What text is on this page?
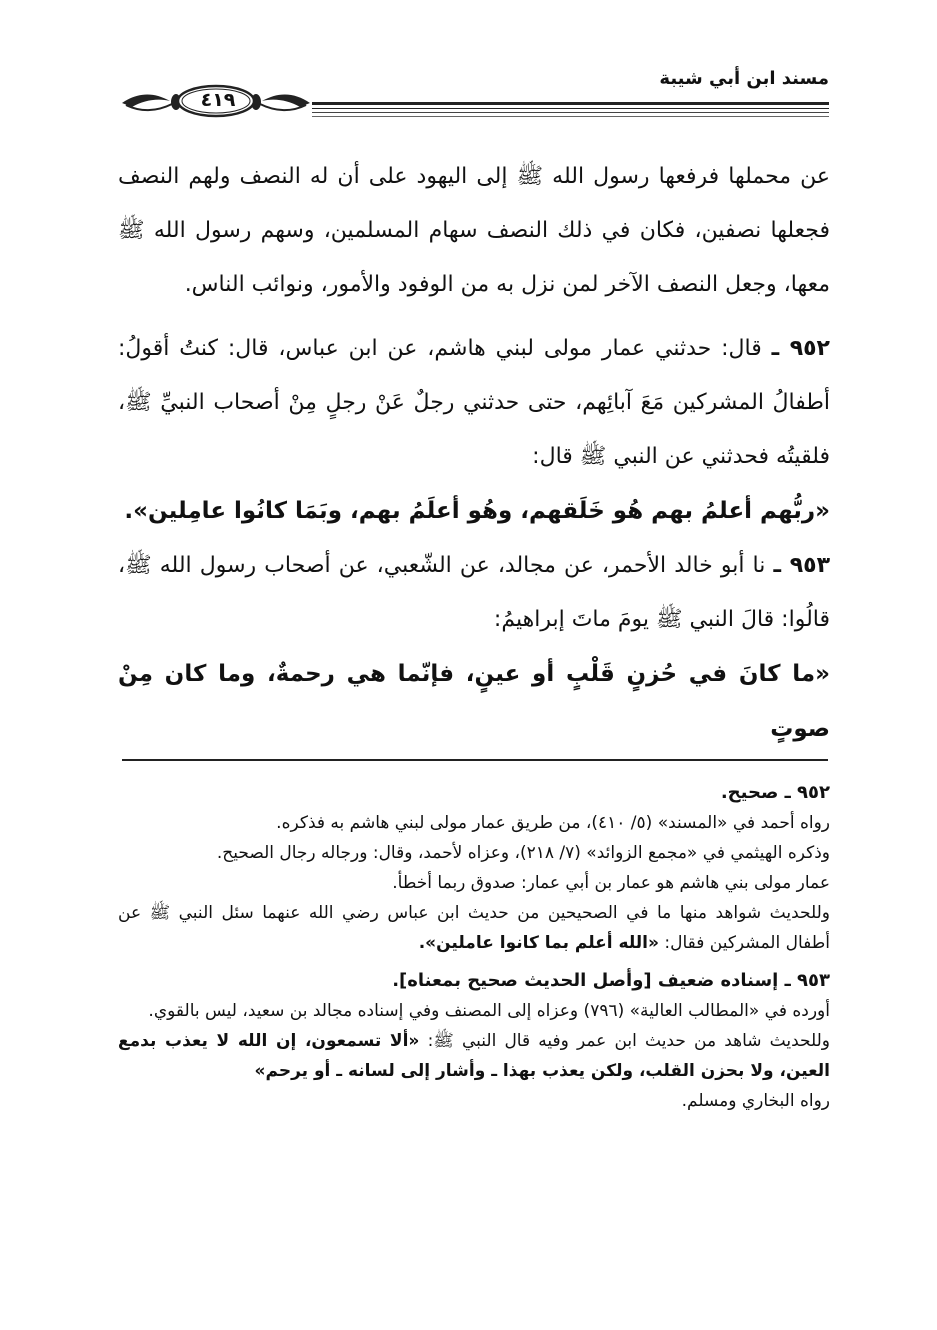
مسند ابن أبي شيبة
٤١٩

عن محملها فرفعها رسول الله ﷺ إلى اليهود على أن له النصف ولهم النصف فجعلها نصفين، فكان في ذلك النصف سهام المسلمين، وسهم رسول الله ﷺ معها، وجعل النصف الآخر لمن نزل به من الوفود والأمور، ونوائب الناس.

٩٥٢ ـ قال: حدثني عمار مولى لبني هاشم، عن ابن عباس، قال: كنتُ أقولُ: أطفالُ المشركين مَعَ آبائِهم، حتى حدثني رجلٌ عَنْ رجلٍ مِنْ أصحاب النبيِّ ﷺ، فلقيتُه فحدثني عن النبي ﷺ قال:

«ربُّهم أعلمُ بهم هُو خَلَقهم، وهُو أعلَمُ بهم، وبَمَا كانُوا عامِلين».

٩٥٣ ـ نا أبو خالد الأحمر، عن مجالد، عن الشّعبي، عن أصحاب رسول الله ﷺ، قالُوا: قالَ النبي ﷺ يومَ ماتَ إبراهيمُ:

«ما كانَ في حُزنٍ قَلْبٍ أو عينٍ، فإنّما هي رحمةٌ، وما كان مِنْ صوتٍ

٩٥٢ ـ صحيح.

رواه أحمد في «المسند» (٥/ ٤١٠)، من طريق عمار مولى لبني هاشم به فذكره.

وذكره الهيثمي في «مجمع الزوائد» (٧/ ٢١٨)، وعزاه لأحمد، وقال: ورجاله رجال الصحيح.

عمار مولى بني هاشم هو عمار بن أبي عمار: صدوق ربما أخطأ.

وللحديث شواهد منها ما في الصحيحين من حديث ابن عباس رضي الله عنهما سئل النبي ﷺ عن أطفال المشركين فقال: «الله أعلم بما كانوا عاملين».

٩٥٣ ـ إسناده ضعيف [وأصل الحديث صحيح بمعناه].

أورده في «المطالب العالية» (٧٩٦) وعزاه إلى المصنف وفي إسناده مجالد بن سعيد، ليس بالقوي.

وللحديث شاهد من حديث ابن عمر وفيه قال النبي ﷺ: «ألا تسمعون، إن الله لا يعذب بدمع العين، ولا بحزن القلب، ولكن يعذب بهذا ـ وأشار إلى لسانه ـ أو يرحم»

رواه البخاري ومسلم.
